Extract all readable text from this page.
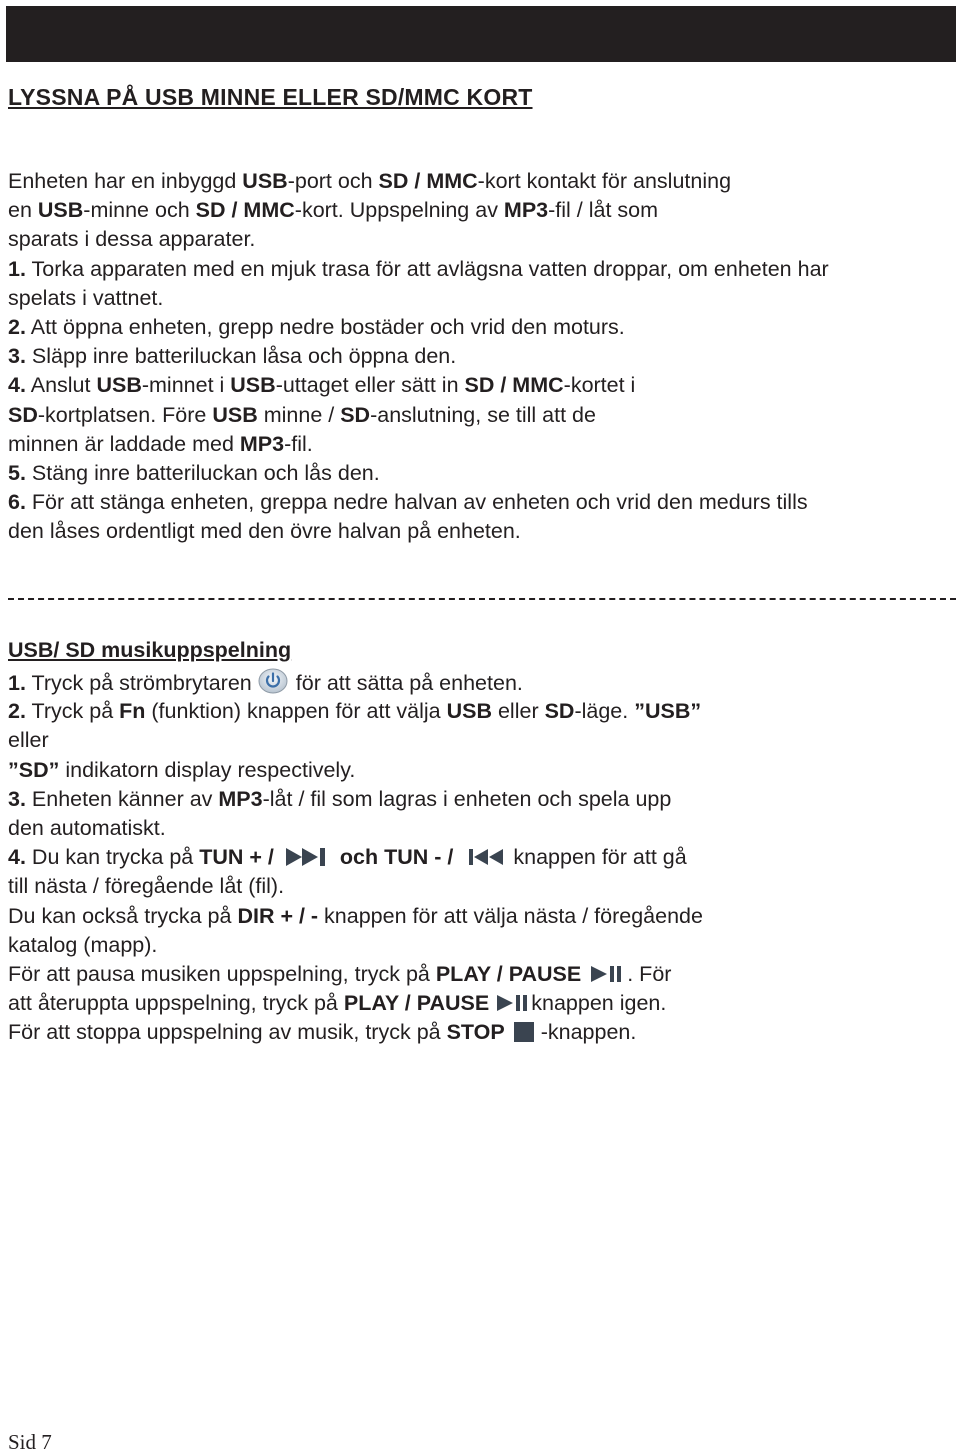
LYSSNA PÅ USB MINNE ELLER SD/MMC KORT
Enheten har en inbyggd USB-port och SD / MMC-kort kontakt för anslutning
en USB-minne och SD / MMC-kort. Uppspelning av MP3-fil / låt som
sparats i dessa apparater.
1. Torka apparaten med en mjuk trasa för att avlägsna vatten droppar, om enheten har
spelats i vattnet.
2. Att öppna enheten, grepp nedre bostäder och vrid den moturs.
3. Släpp inre batteriluckan låsa och öppna den.
4. Anslut USB-minnet i USB-uttaget eller sätt in SD / MMC-kortet i
SD-kortplatsen. Före USB minne / SD-anslutning, se till att de
minnen är laddade med MP3-fil.
5. Stäng inre batteriluckan och lås den.
6. För att stänga enheten, greppa nedre halvan av enheten och vrid den medurs tills
den låses ordentligt med den övre halvan på enheten.
USB/ SD musikuppspelning
1. Tryck på strömbrytaren för att sätta på enheten.
2. Tryck på Fn (funktion) knappen för att välja USB eller SD-läge. ”USB”
eller
”SD” indikatorn display respectively.
3. Enheten känner av MP3-låt / fil som lagras i enheten och spela upp
den automatiskt.
4. Du kan trycka på TUN + /	och TUN - /	knappen för att gå
till nästa / föregående låt (fil).
Du kan också trycka på DIR + / - knappen för att välja nästa / föregående
katalog (mapp).
För att pausa musiken uppspelning, tryck på PLAY / PAUSE . För
att återuppta uppspelning, tryck på PLAY / PAUSE knappen igen.
För att stoppa uppspelning av musik, tryck på STOP -knappen.
Sid 7
